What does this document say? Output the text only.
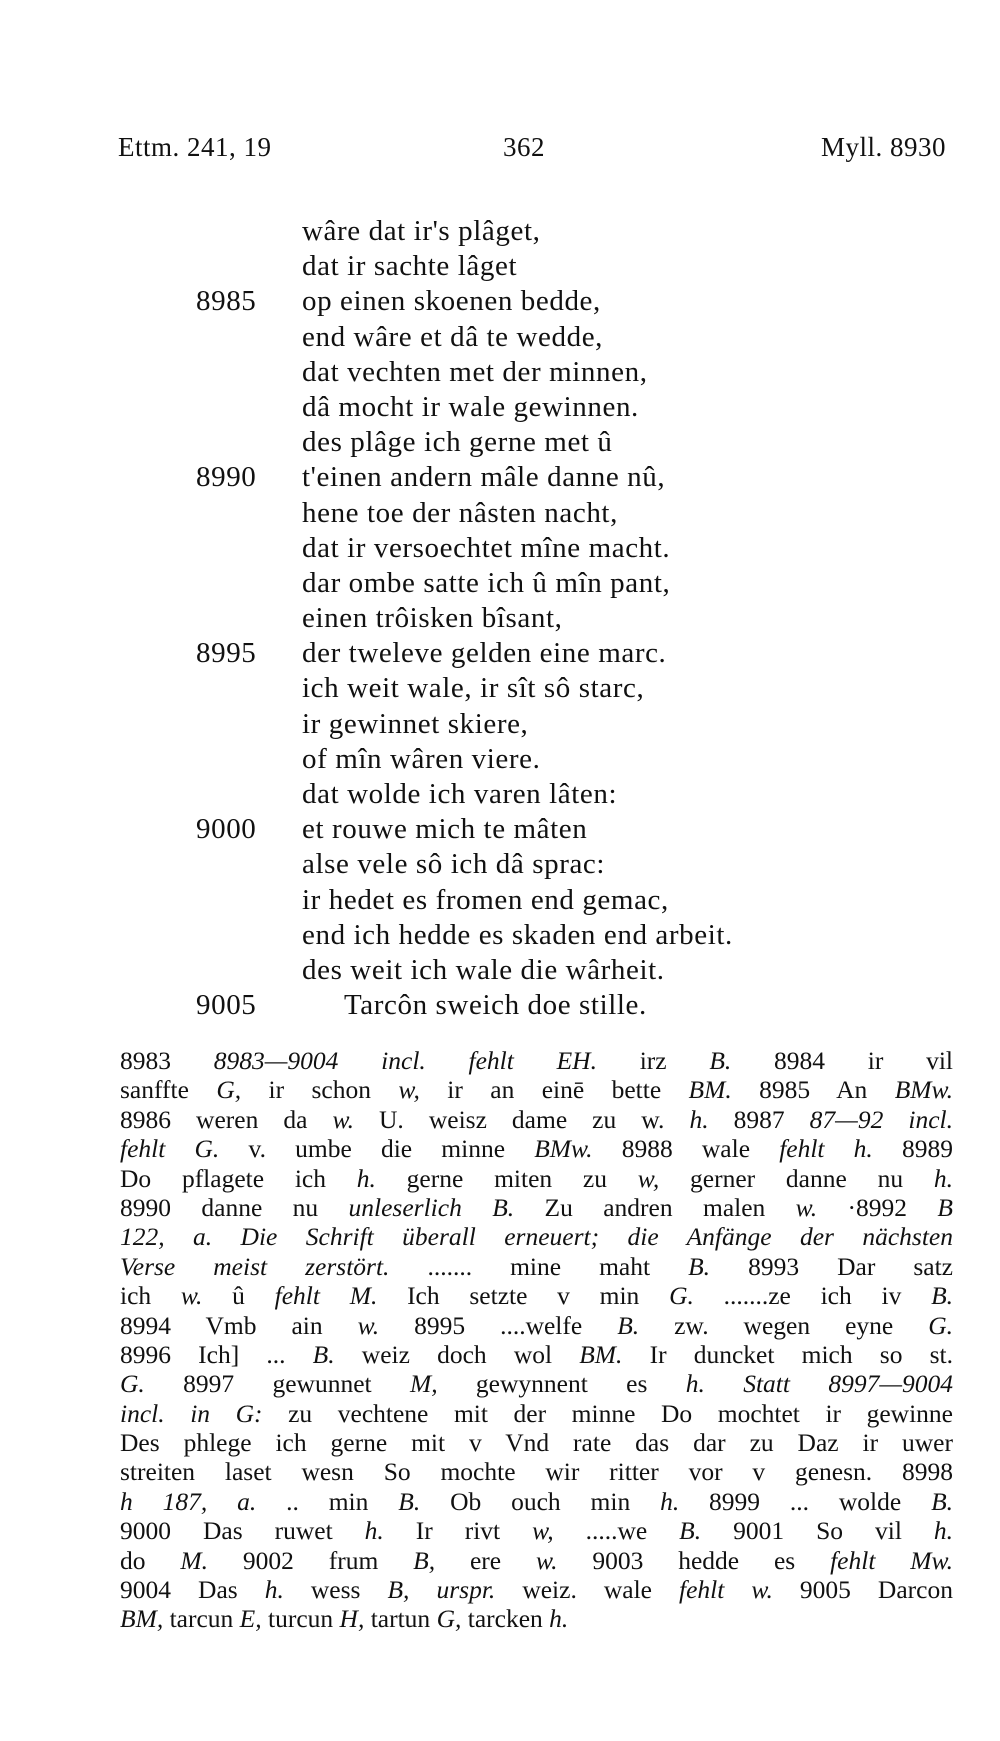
Ettm. 241, 19	362	Myll. 8930
wâre dat ir's plâget,
dat ir sachte lâget
8985 op einen skoenen bedde,
end wâre et dâ te wedde,
dat vechten met der minnen,
dâ mocht ir wale gewinnen.
des plâge ich gerne met û
8990 t'einen andern mâle danne nû,
hene toe der nâsten nacht,
dat ir versoechtet mîne macht.
dar ombe satte ich û mîn pant,
einen trôisken bîsant,
8995 der tweleve gelden eine marc.
ich weit wale, ir sît sô starc,
ir gewinnet skiere,
of mîn wâren viere.
dat wolde ich varen lâten:
9000 et rouwe mich te mâten
alse vele sô ich dâ sprac:
ir hedet es fromen end gemac,
end ich hedde es skaden end arbeit.
des weit ich wale die wârheit.
9005	Tarcôn sweich doe stille.
8983 8983—9004 incl. fehlt EH. irz B. 8984 ir vil
sanffte G, ir schon w, ir an einē bette BM. 8985 An BMw.
8986 weren da w. U. weisz dame zu w. h. 8987 87—92 incl.
fehlt G. v. umbe die minne BMw. 8988 wale fehlt h. 8989
Do pflagete ich h. gerne miten zu w, gerner danne nu h.
8990 danne nu unleserlich B. Zu andren malen w. ·8992 B
122, a. Die Schrift überall erneuert; die Anfänge der nächsten
Verse meist zerstört. ....... mine maht B. 8993 Dar satz
ich w. û fehlt M. Ich setzte v min G. .......ze ich iv B.
8994 Vmb ain w. 8995 ....welfe B. zw. wegen eyne G.
8996 Ich] ... B. weiz doch wol BM. Ir duncket mich so st.
G. 8997 gewunnet M, gewynnent es h. Statt 8997—9004
incl. in G: zu vechtene mit der minne Do mochtet ir gewinne
Des phlege ich gerne mit v Vnd rate das dar zu Daz ir uwer
streiten laset wesn So mochte wir ritter vor v genesn. 8998
h 187, a. .. min B. Ob ouch min h. 8999 ... wolde B.
9000 Das ruwet h. Ir rivt w, .....we B. 9001 So vil h.
do M. 9002 frum B, ere w. 9003 hedde es fehlt Mw.
9004 Das h. wess B, urspr. weiz. wale fehlt w. 9005 Darcon
BM, tarcun E, turcun H, tartun G, tarcken h.
